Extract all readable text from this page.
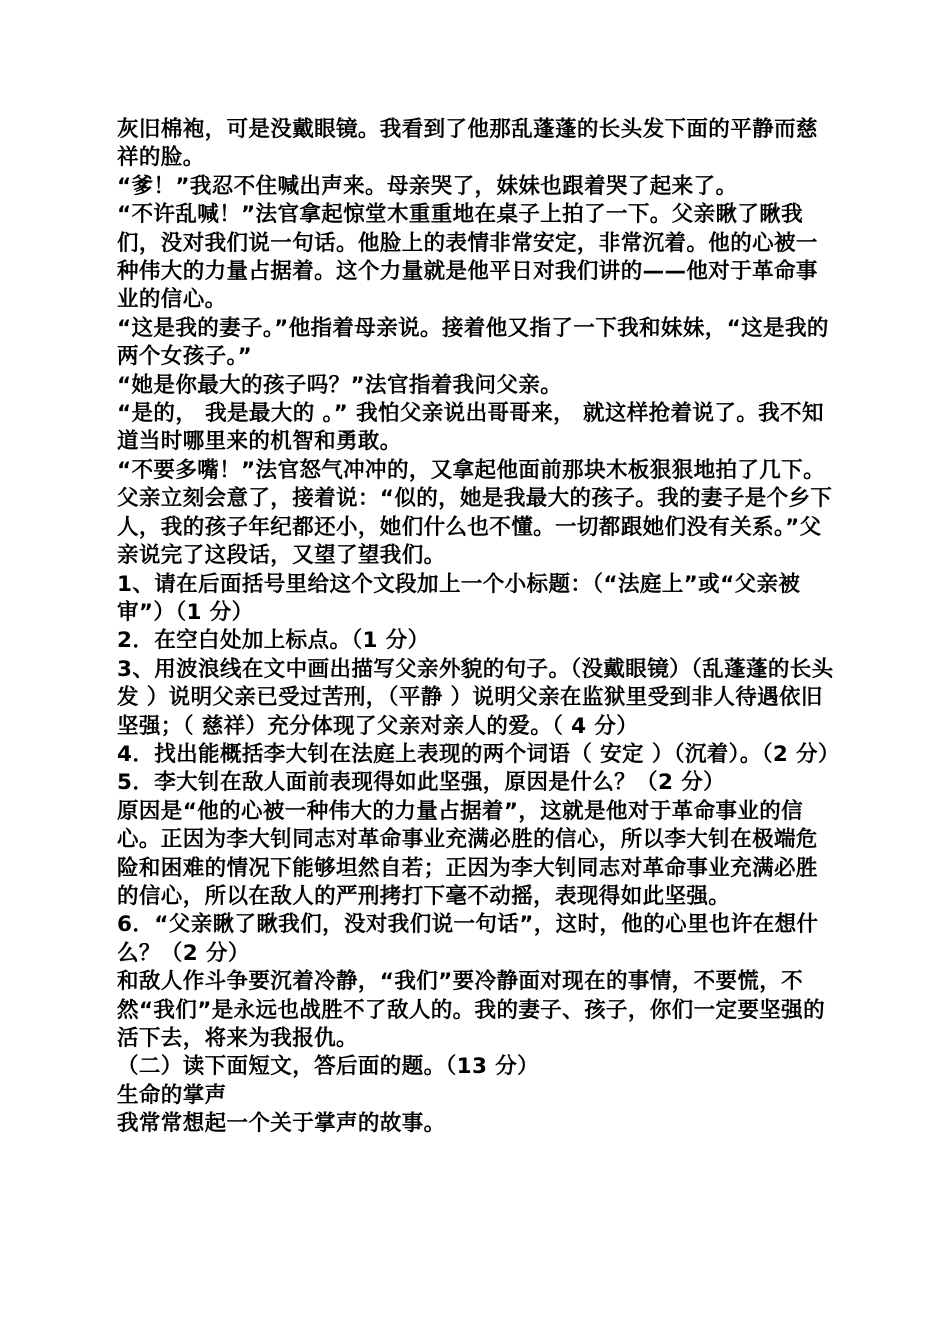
灰旧棉袍，可是没戴眼镜。我看到了他那乱蓬蓬的长头发下面的平静而慈祥的脸。

“爹！”我忍不住喊出声来。母亲哭了，妹妹也跟着哭了起来了。

“不许乱喊！”法官拿起惊堂木重重地在桌子上拍了一下。父亲瞅了瞅我们，没对我们说一句话。他脸上的表情非常安定，非常沉着。他的心被一种伟大的力量占据着。这个力量就是他平日对我们讲的——他对于革命事业的信心。

“这是我的妻子。”他指着母亲说。接着他又指了一下我和妹妹，“这是我的两个女孩子。”

“她是你最大的孩子吗？”法官指着我问父亲。

“是的， 我是最大的 。” 我怕父亲说出哥哥来， 就这样抢着说了。我不知道当时哪里来的机智和勇敢。

“不要多嘴！”法官怒气冲冲的，又拿起他面前那块木板狠狠地拍了几下。

父亲立刻会意了，接着说：“似的，她是我最大的孩子。我的妻子是个乡下人，我的孩子年纪都还小，她们什么也不懂。一切都跟她们没有关系。”父亲说完了这段话，又望了望我们。

1、请在后面括号里给这个文段加上一个小标题：（“法庭上”或“父亲被审”）（1 分）

2．在空白处加上标点。（1 分）

3、用波浪线在文中画出描写父亲外貌的句子。（没戴眼镜）（乱蓬蓬的长头发 ）说明父亲已受过苦刑，（平静 ）说明父亲在监狱里受到非人待遇依旧坚强；（ 慈祥）充分体现了父亲对亲人的爱。（ 4 分）

4．找出能概括李大钊在法庭上表现的两个词语（ 安定 ）（沉着）。（2 分）

5．李大钊在敌人面前表现得如此坚强，原因是什么？（2 分）

原因是“他的心被一种伟大的力量占据着”，这就是他对于革命事业的信心。正因为李大钊同志对革命事业充满必胜的信心，所以李大钊在极端危险和困难的情况下能够坦然自若；正因为李大钊同志对革命事业充满必胜的信心，所以在敌人的严刑拷打下毫不动摇，表现得如此坚强。

6．“父亲瞅了瞅我们，没对我们说一句话”，这时，他的心里也许在想什么？（2 分）

和敌人作斗争要沉着冷静，“我们”要冷静面对现在的事情，不要慌，不然“我们”是永远也战胜不了敌人的。我的妻子、孩子，你们一定要坚强的活下去，将来为我报仇。

（二）读下面短文，答后面的题。（13 分）

生命的掌声

我常常想起一个关于掌声的故事。
